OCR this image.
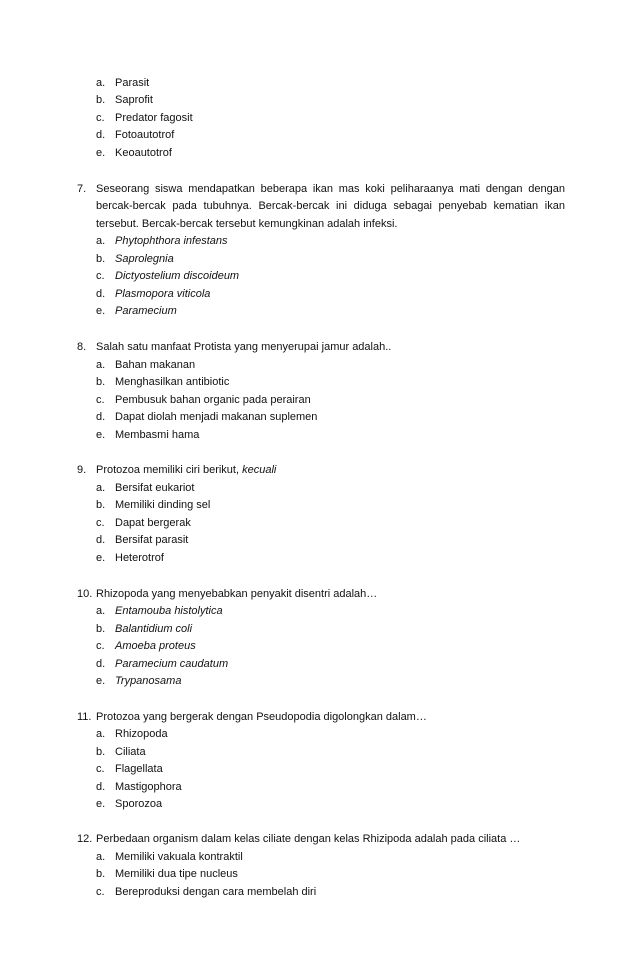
a. Parasit
b. Saprofit
c. Predator fagosit
d. Fotoautotrof
e. Keoautotrof
7. Seseorang siswa mendapatkan beberapa ikan mas koki peliharaanya mati dengan dengan
bercak-bercak pada tubuhnya. Bercak-bercak ini diduga sebagai penyebab kematian ikan
tersebut. Bercak-bercak tersebut kemungkinan adalah infeksi.
a. Phytophthora infestans
b. Saprolegnia
c. Dictyostelium discoideum
d. Plasmopora viticola
e. Paramecium
8. Salah satu manfaat Protista yang menyerupai jamur adalah..
a. Bahan makanan
b. Menghasilkan antibiotic
c. Pembusuk bahan organic pada perairan
d. Dapat diolah menjadi makanan suplemen
e. Membasmi hama
9. Protozoa memiliki ciri berikut, kecuali
a. Bersifat eukariot
b. Memiliki dinding sel
c. Dapat bergerak
d. Bersifat parasit
e. Heterotrof
10. Rhizopoda yang menyebabkan penyakit disentri adalah…
a. Entamouba histolytica
b. Balantidium coli
c. Amoeba proteus
d. Paramecium caudatum
e. Trypanosama
11. Protozoa yang bergerak dengan Pseudopodia digolongkan dalam…
a. Rhizopoda
b. Ciliata
c. Flagellata
d. Mastigophora
e. Sporozoa
12. Perbedaan organism dalam kelas ciliate dengan kelas Rhizipoda adalah pada ciliata …
a. Memiliki vakuala kontraktil
b. Memiliki dua tipe nucleus
c. Bereproduksi dengan cara membelah diri
